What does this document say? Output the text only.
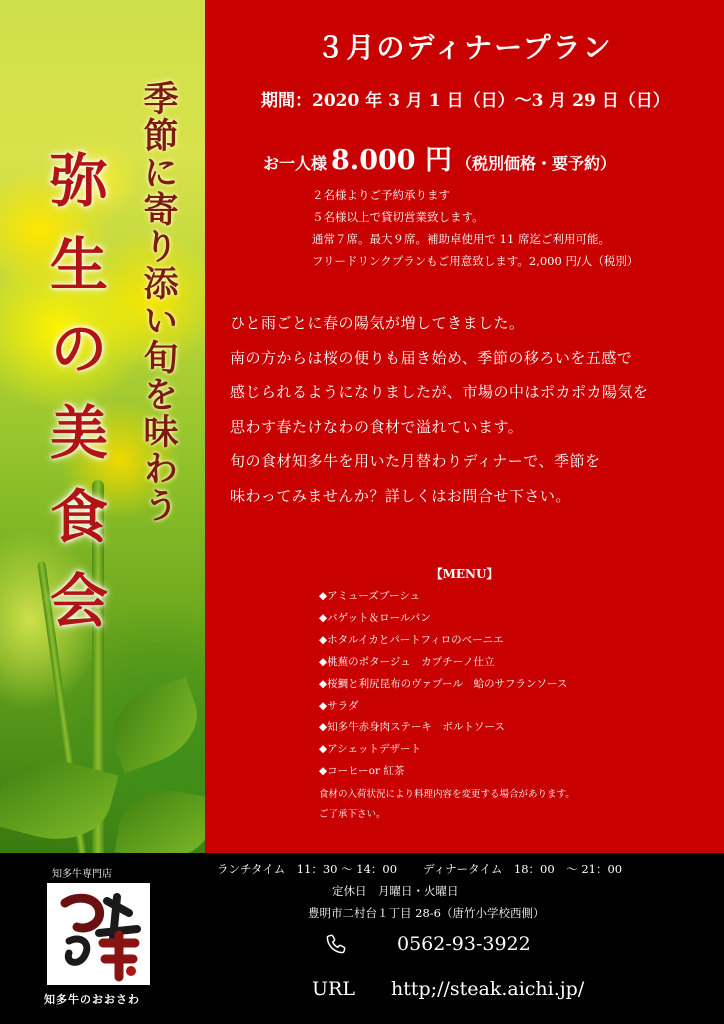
季節に寄り添い旬を味わう
弥生の美食会
３月のディナープラン
期間：2020 年 3 月 1 日（日）～3 月 29 日（日）
お一人様 8.000 円 （税別価格・要予約）
２名様よりご予約承ります
５名様以上で貸切営業致します。
通常７席。最大９席。補助卓使用で 11 席迄ご利用可能。
フリードリンクプランもご用意致します。2,000 円/人（税別）
ひと雨ごとに春の陽気が増してきました。
南の方からは桜の便りも届き始め、季節の移ろいを五感で
感じられるようになりましたが、市場の中はポカポカ陽気を
思わす春たけなわの食材で溢れています。
旬の食材知多牛を用いた月替わりディナーで、季節を
味わってみませんか？詳しくはお問合せ下さい。
【MENU】
◆アミューズブーシュ
◆バゲット＆ロールパン
◆ホタルイカとパートフィロのベーニエ
◆桃蕪のポタージュ　カプチーノ仕立
◆桜鯛と利尻昆布のヴァプール　蛤のサフランソース
◆サラダ
◆知多牛赤身肉ステーキ　ボルトソース
◆アシェットデザート
◆コーヒーor 紅茶
食材の入荷状況により料理内容を変更する場合があります。
ご了承下さい。
知多牛専門店
知多牛のおおさわ
ランチタイム　11：30 ～ 14：00 ディナータイム　18：00　～ 21：00
定休日　月曜日・火曜日
豊明市二村台１丁目 28-6（唐竹小学校西側）
0562-93-3922
URL http;//steak.aichi.jp/
